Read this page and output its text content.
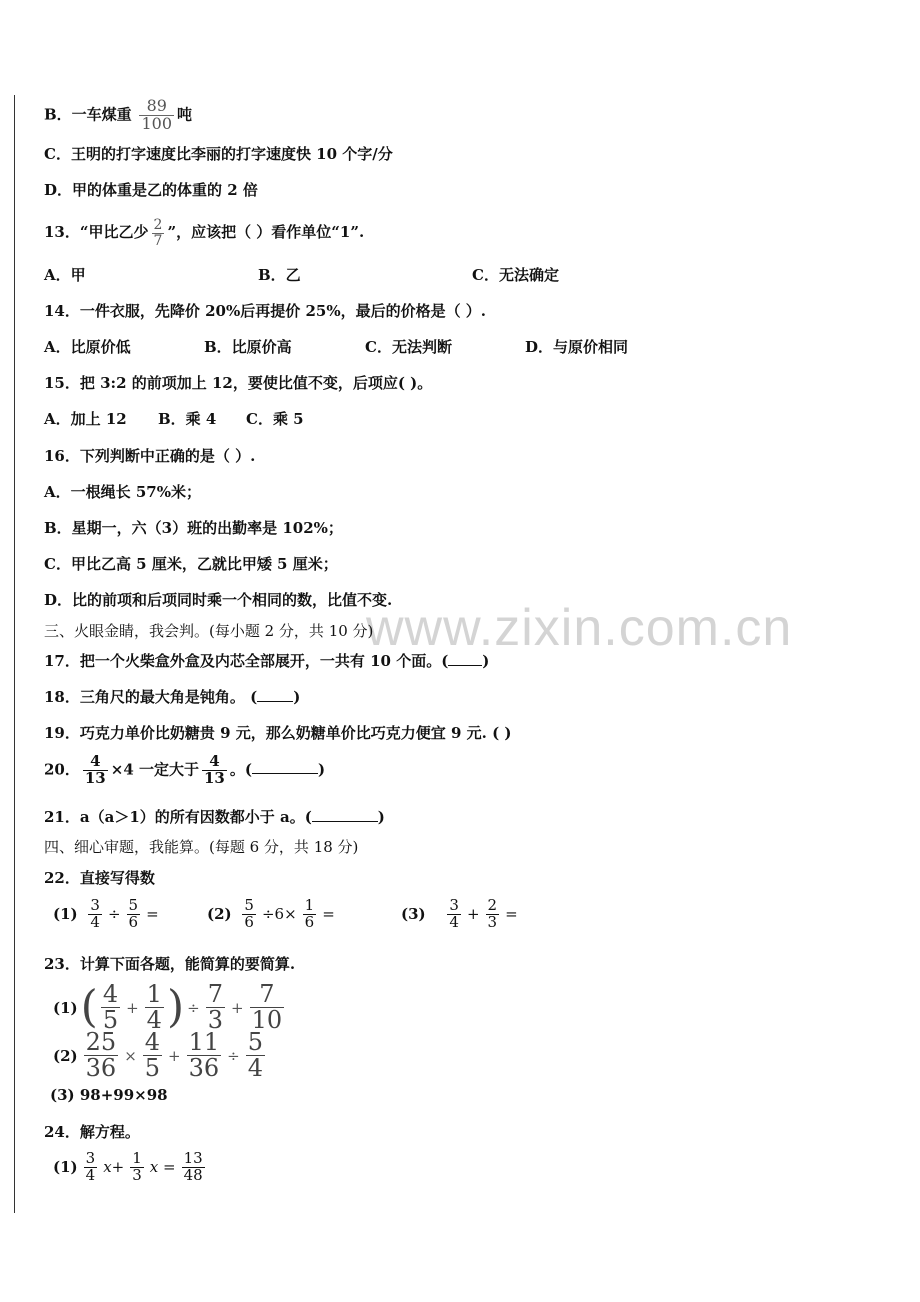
www.zixin.com.cn
B．一车煤重 $\frac{89}{100}$ 吨
C．王明的打字速度比李丽的打字速度快 10 个字/分
D．甲的体重是乙的体重的 2 倍
13．“甲比乙少 $\frac{2}{7}$ ”，应该把（ ）看作单位“1”.
A．甲	B．乙	C．无法确定
14．一件衣服，先降价 20%后再提价 25%，最后的价格是（ ）.
A．比原价低	B．比原价高	C．无法判断	D．与原价相同
15．把 3:2 的前项加上 12，要使比值不变，后项应( )。
A．加上 12 B．乘 4 C．乘 5
16．下列判断中正确的是（ ）.
A．一根绳长 57%米；
B．星期一，六（3）班的出勤率是 102%；
C．甲比乙高 5 厘米，乙就比甲矮 5 厘米；
D．比的前项和后项同时乘一个相同的数，比值不变.
三、火眼金睛，我会判。(每小题 2 分，共 10 分)
17．把一个火柴盒外盒及内芯全部展开，一共有 10 个面。( )
18．三角尺的最大角是钝角。 ( )
19．巧克力单价比奶糖贵 9 元，那么奶糖单价比巧克力便宜 9 元. ( )
20． $\frac{4}{13} \times 4$ 一定大于 $\frac{4}{13}$ 。(	)
21．a（a＞1）的所有因数都小于 a。(	)
四、细心审题，我能算。(每题 6 分，共 18 分)
22．直接写得数
$(1) \frac{3}{4} \div \frac{5}{6}$ =	$(2) \frac{5}{6} \div 6\times \frac{1}{6}$ =	$(3) \frac{3}{4} + \frac{2}{3}$ =
23．计算下面各题，能简算的要简算.
$(1)( \frac{4}{5} + \frac{1}{4}$ ) ÷ $\frac{7}{3} + \frac{7}{10}$
$(2) \frac{25}{36} \times \frac{4}{5} + \frac{11}{36} \div \frac{5}{4}$
(3) 98+99×98
24．解方程。
$(1) \frac{3}{4} x+ \frac{1}{3}$ $x = \frac{13}{48}$
